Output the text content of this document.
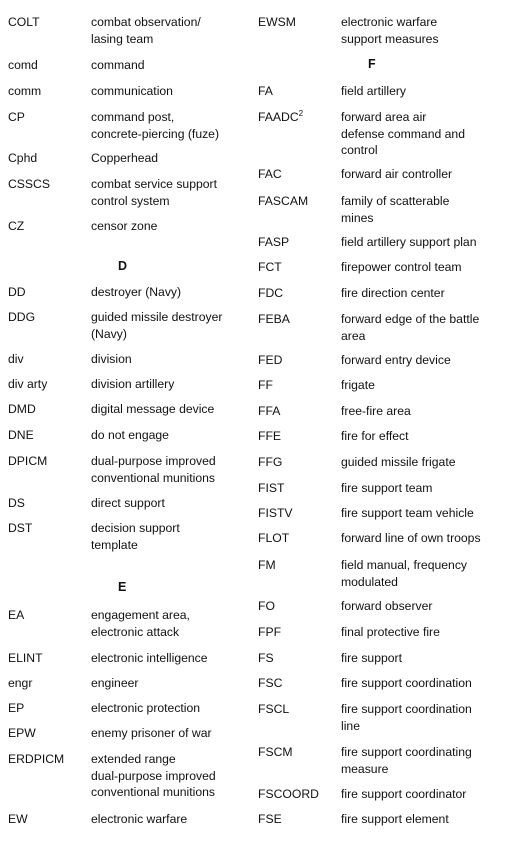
COLT	combat observation/
lasing team
comd	command
comm	communication
CP	command post,
concrete-piercing (fuze)
Cphd	Copperhead
CSSCS	combat service support
control system
CZ	censor zone
D
DD	destroyer (Navy)
DDG	guided missile destroyer
(Navy)
div	division
div arty	division artillery
DMD	digital message device
DNE	do not engage
DPICM	dual-purpose improved
conventional munitions
DS	direct support
DST	decision support
template
E
EA	engagement area,
electronic attack
ELINT	electronic intelligence
engr	engineer
EP	electronic protection
EPW	enemy prisoner of war
ERDPICM extended range
dual-purpose improved
conventional munitions
EW	electronic warfare
EWSM	electronic warfare
support measures
F
FA	field artillery
FAADC$^2$	forward area air
defense command and
control
FAC	forward air controller
FASCAM	family of scatterable
mines
FASP	field artillery support plan
FCT	firepower control team
FDC	fire direction center
FEBA	forward edge of the battle
area
FED	forward entry device
FF	frigate
FFA	free-fire area
FFE	fire for effect
FFG	guided missile frigate
FIST	fire support team
FISTV	fire support team vehicle
FLOT	forward line of own troops
FM	field manual, frequency
modulated
FO	forward observer
FPF	final protective fire
FS	fire support
FSC	fire support coordination
FSCL	fire support coordination
line
FSCM	fire support coordinating
measure
FSCOORD fire support coordinator
FSE	fire support element
